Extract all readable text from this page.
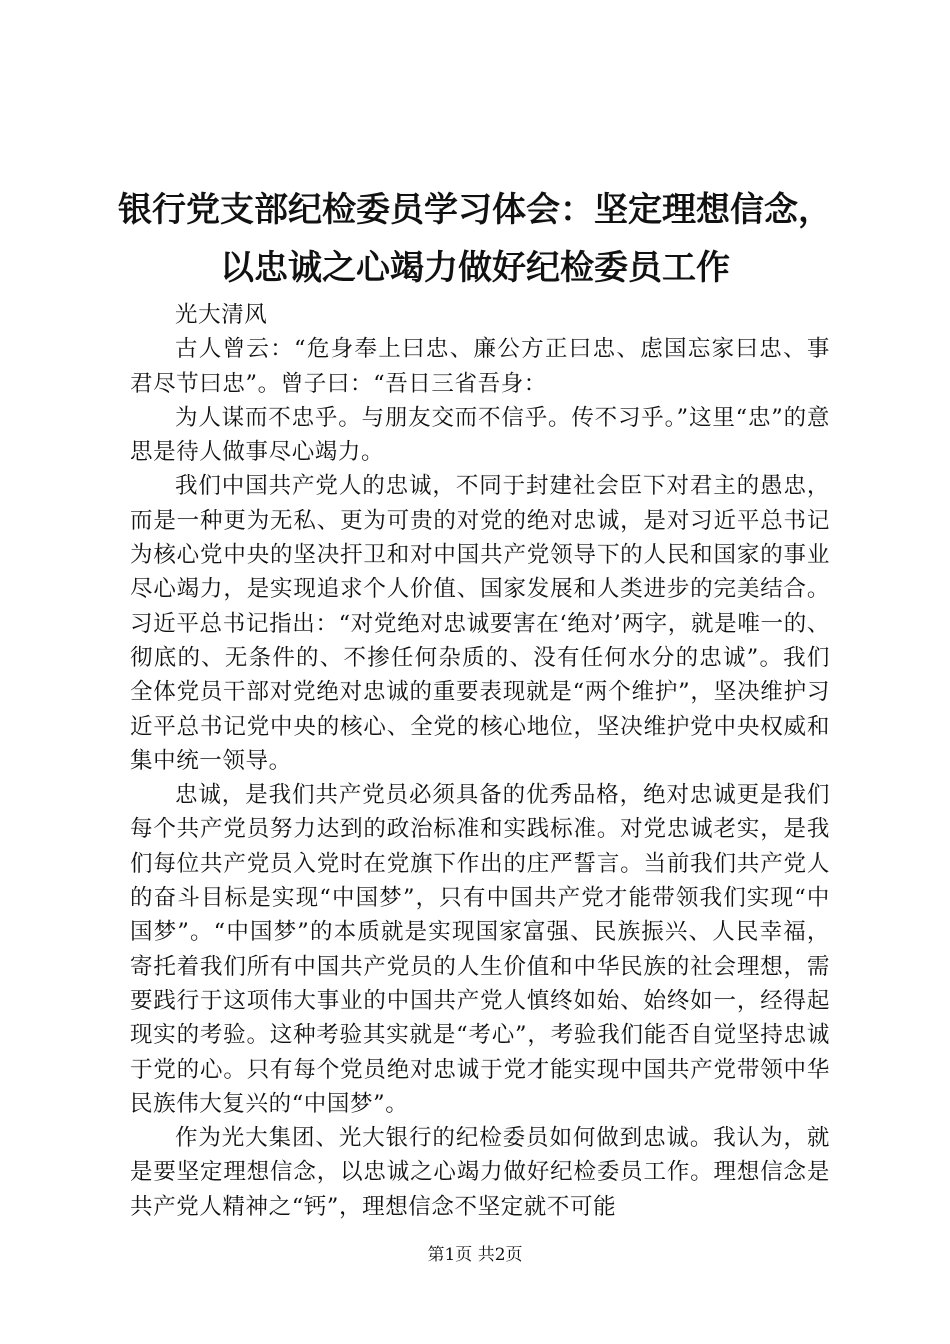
银行党支部纪检委员学习体会：坚定理想信念，
以忠诚之心竭力做好纪检委员工作

光大清风

古人曾云：“危身奉上曰忠、廉公方正曰忠、虑国忘家曰忠、事君尽节曰忠”。曾子曰：“吾日三省吾身：

为人谋而不忠乎。与朋友交而不信乎。传不习乎。”这里“忠”的意思是待人做事尽心竭力。

我们中国共产党人的忠诚，不同于封建社会臣下对君主的愚忠，而是一种更为无私、更为可贵的对党的绝对忠诚，是对习近平总书记为核心党中央的坚决扞卫和对中国共产党领导下的人民和国家的事业尽心竭力，是实现追求个人价值、国家发展和人类进步的完美结合。习近平总书记指出：“对党绝对忠诚要害在‘绝对’两字，就是唯一的、彻底的、无条件的、不掺任何杂质的、没有任何水分的忠诚”。我们全体党员干部对党绝对忠诚的重要表现就是“两个维护”，坚决维护习近平总书记党中央的核心、全党的核心地位，坚决维护党中央权威和集中统一领导。

忠诚，是我们共产党员必须具备的优秀品格，绝对忠诚更是我们每个共产党员努力达到的政治标准和实践标准。对党忠诚老实，是我们每位共产党员入党时在党旗下作出的庄严誓言。当前我们共产党人的奋斗目标是实现“中国梦”，只有中国共产党才能带领我们实现“中国梦”。“中国梦”的本质就是实现国家富强、民族振兴、人民幸福，寄托着我们所有中国共产党员的人生价值和中华民族的社会理想，需要践行于这项伟大事业的中国共产党人慎终如始、始终如一，经得起现实的考验。这种考验其实就是“考心”，考验我们能否自觉坚持忠诚于党的心。只有每个党员绝对忠诚于党才能实现中国共产党带领中华民族伟大复兴的“中国梦”。

作为光大集团、光大银行的纪检委员如何做到忠诚。我认为，就是要坚定理想信念，以忠诚之心竭力做好纪检委员工作。理想信念是共产党人精神之“钙”，理想信念不坚定就不可能

第1页 共2页
